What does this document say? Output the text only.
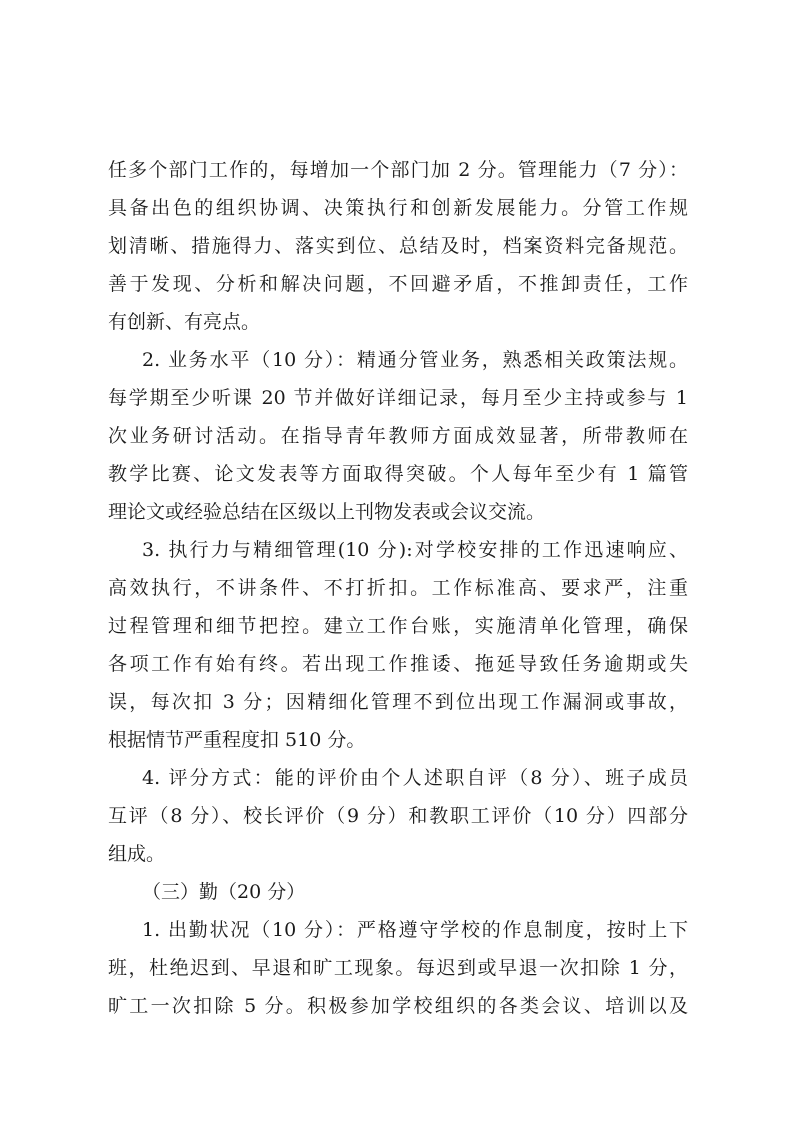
任多个部门工作的，每增加一个部门加 2 分。管理能力（7 分）：
具备出色的组织协调、决策执行和创新发展能力。分管工作规
划清晰、措施得力、落实到位、总结及时，档案资料完备规范。
善于发现、分析和解决问题，不回避矛盾，不推卸责任，工作
有创新、有亮点。
2. 业务水平（10 分）：精通分管业务，熟悉相关政策法规。
每学期至少听课 20 节并做好详细记录，每月至少主持或参与 1
次业务研讨活动。在指导青年教师方面成效显著，所带教师在
教学比赛、论文发表等方面取得突破。个人每年至少有 1 篇管
理论文或经验总结在区级以上刊物发表或会议交流。
3. 执行力与精细管理(10 分):对学校安排的工作迅速响应、
高效执行，不讲条件、不打折扣。工作标准高、要求严，注重
过程管理和细节把控。建立工作台账，实施清单化管理，确保
各项工作有始有终。若出现工作推诿、拖延导致任务逾期或失
误，每次扣 3 分；因精细化管理不到位出现工作漏洞或事故，
根据情节严重程度扣 510 分。
4. 评分方式：能的评价由个人述职自评（8 分）、班子成员
互评（8 分）、校长评价（9 分）和教职工评价（10 分）四部分
组成。
（三）勤（20 分）
1. 出勤状况（10 分）：严格遵守学校的作息制度，按时上下
班，杜绝迟到、早退和旷工现象。每迟到或早退一次扣除 1 分，
旷工一次扣除 5 分。积极参加学校组织的各类会议、培训以及
